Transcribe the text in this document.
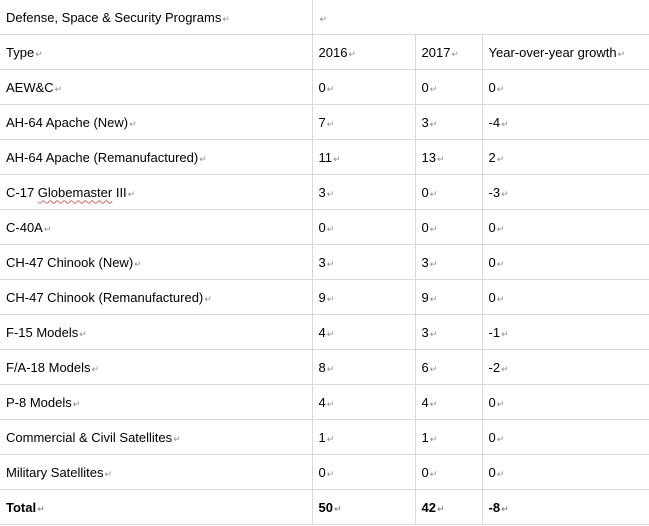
Defense, Space & Security Programs↵	↵		
Type↵	2016↵	2017↵	Year-over-year growth↵
AEW&C↵	0↵	0↵	0↵
AH-64 Apache (New)↵	7↵	3↵	-4↵
AH-64 Apache (Remanufactured)↵	11↵	13↵	2↵
C-17 Globemaster III↵	3↵	0↵	-3↵
C-40A↵	0↵	0↵	0↵
CH-47 Chinook (New)↵	3↵	3↵	0↵
CH-47 Chinook (Remanufactured)↵	9↵	9↵	0↵
F-15 Models↵	4↵	3↵	-1↵
F/A-18 Models↵	8↵	6↵	-2↵
P-8 Models↵	4↵	4↵	0↵
Commercial & Civil Satellites↵	1↵	1↵	0↵
Military Satellites↵	0↵	0↵	0↵
Total↵	50↵	42↵	-8↵
